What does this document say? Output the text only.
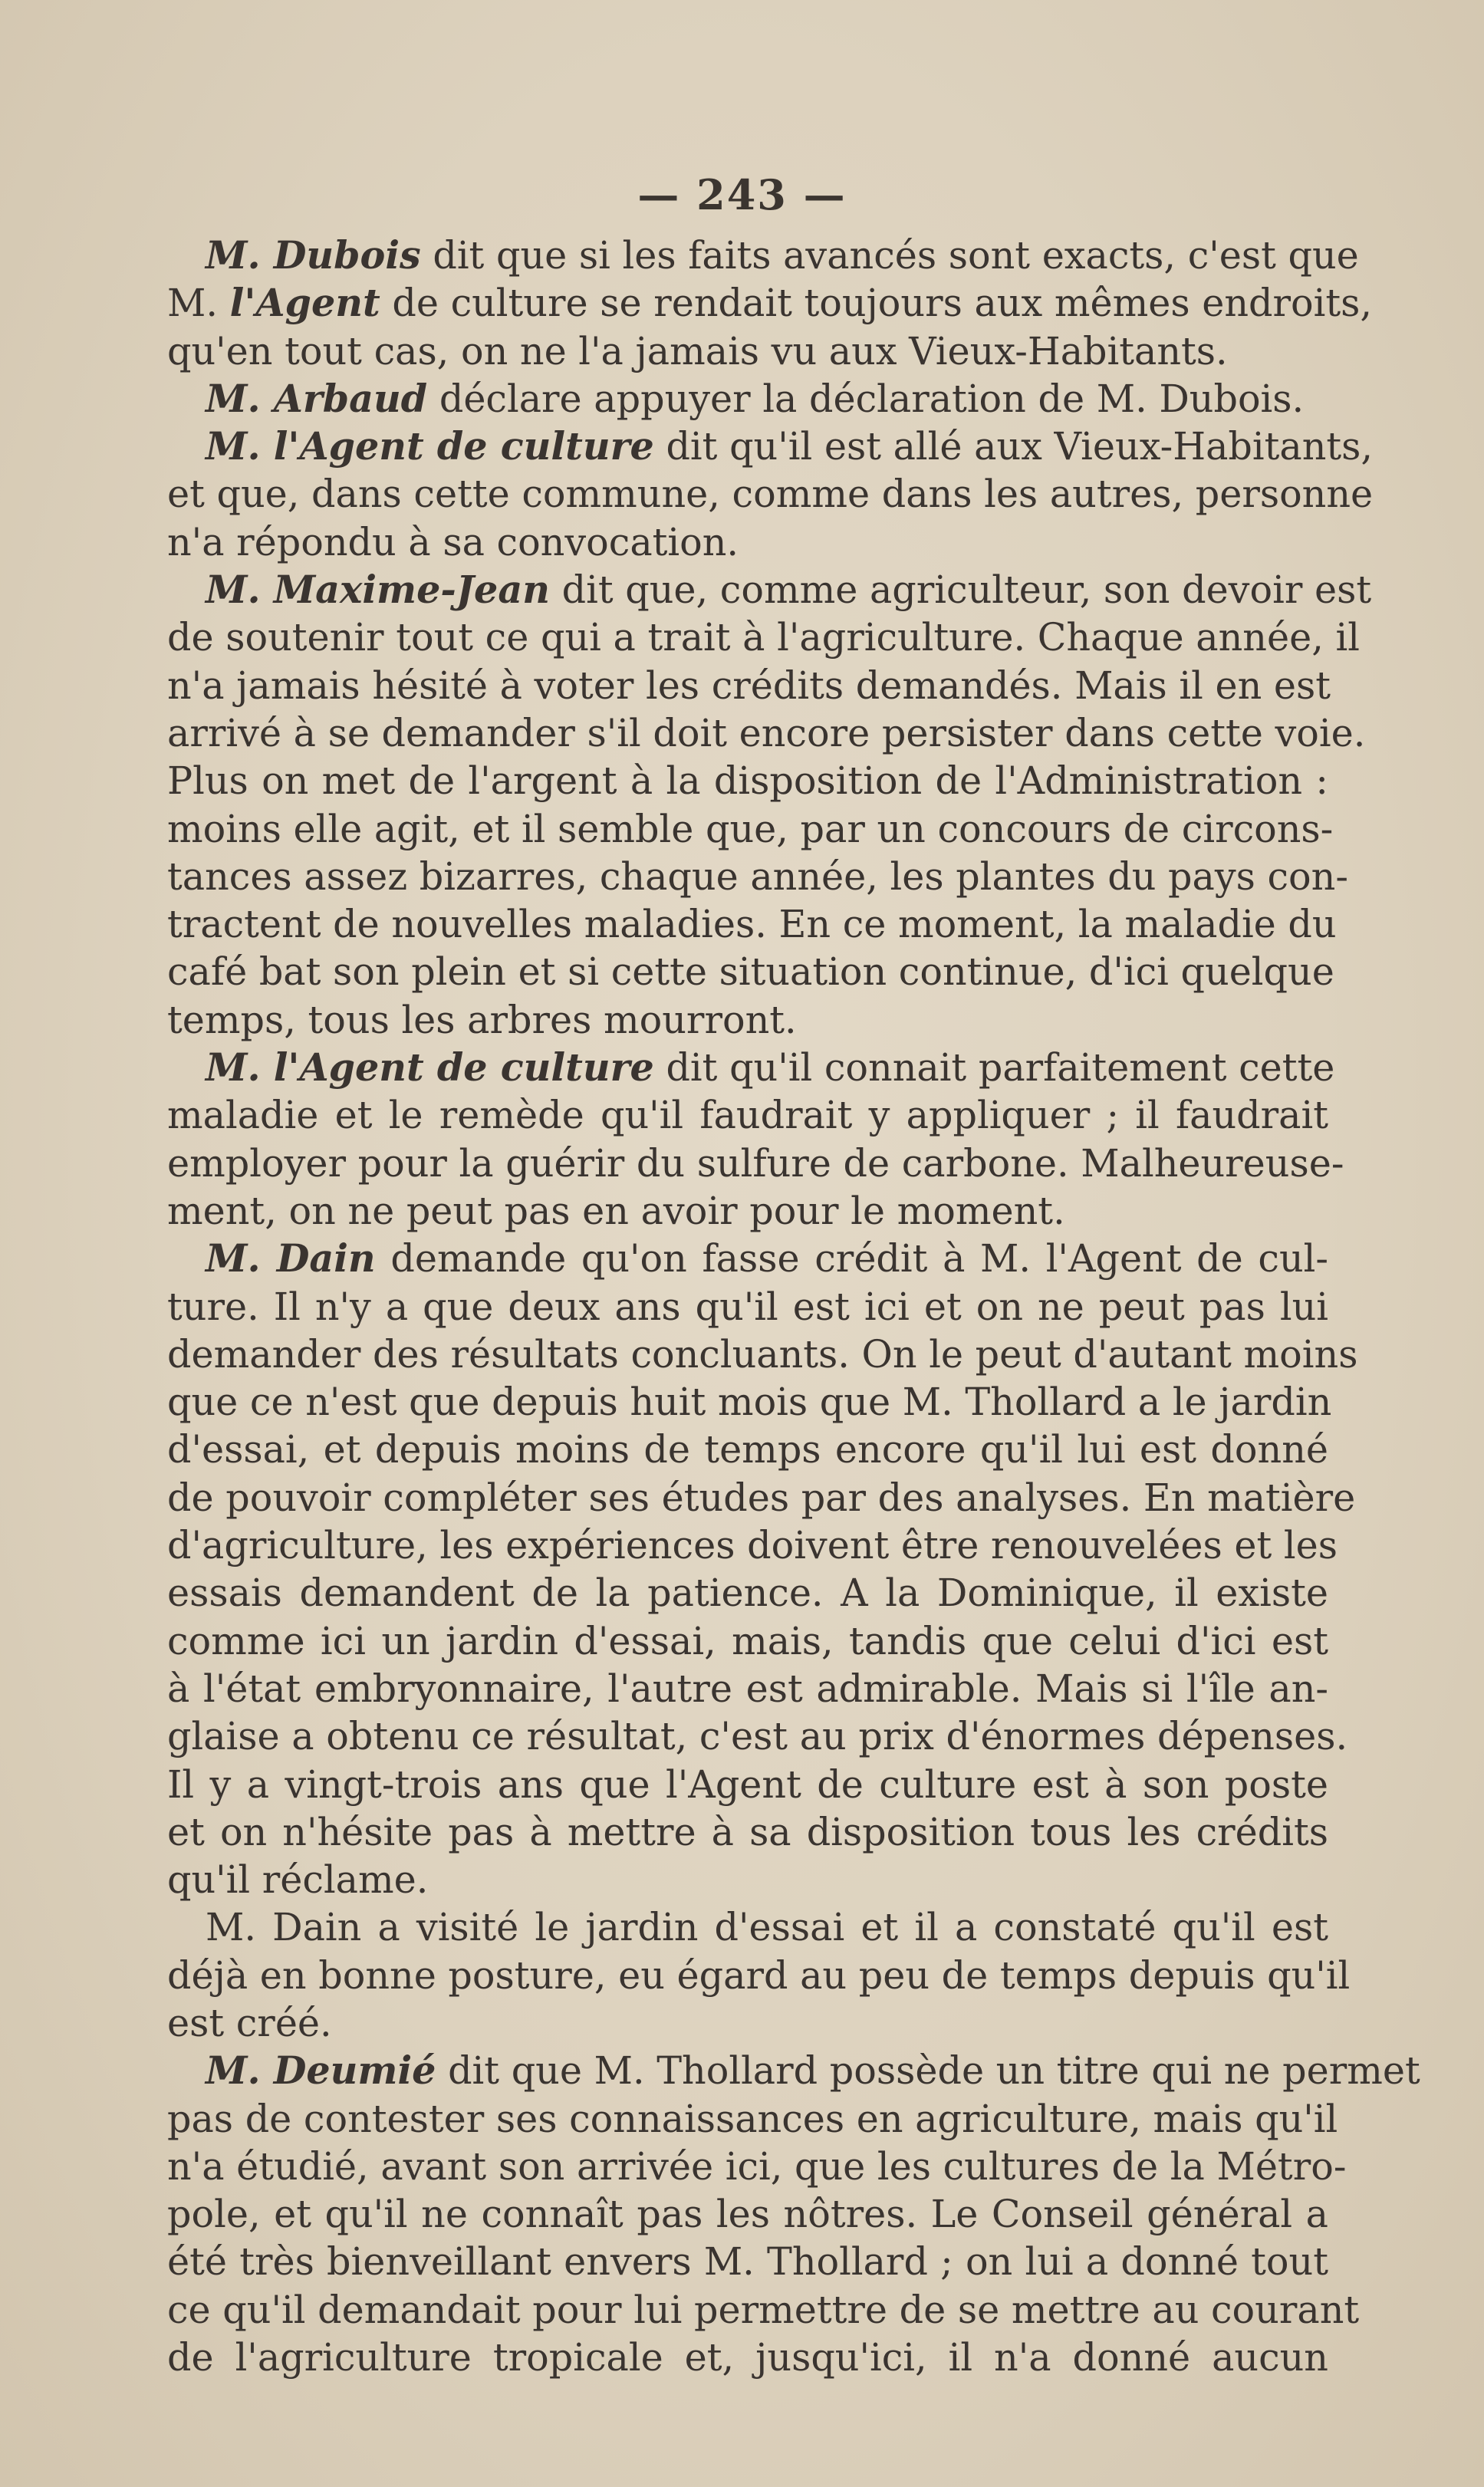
— 243 —
M. Dubois dit que si les faits avancés sont exacts, c'est que
M. l'Agent de culture se rendait toujours aux mêmes endroits,
qu'en tout cas, on ne l'a jamais vu aux Vieux-Habitants.
M. Arbaud déclare appuyer la déclaration de M. Dubois.
M. l'Agent de culture dit qu'il est allé aux Vieux-Habitants,
et que, dans cette commune, comme dans les autres, personne
n'a répondu à sa convocation.
M. Maxime-Jean dit que, comme agriculteur, son devoir est
de soutenir tout ce qui a trait à l'agriculture. Chaque année, il
n'a jamais hésité à voter les crédits demandés. Mais il en est
arrivé à se demander s'il doit encore persister dans cette voie.
Plus on met de l'argent à la disposition de l'Administration :
moins elle agit, et il semble que, par un concours de circons-
tances assez bizarres, chaque année, les plantes du pays con-
tractent de nouvelles maladies. En ce moment, la maladie du
café bat son plein et si cette situation continue, d'ici quelque
temps, tous les arbres mourront.
M. l'Agent de culture dit qu'il connait parfaitement cette
maladie et le remède qu'il faudrait y appliquer ; il faudrait
employer pour la guérir du sulfure de carbone. Malheureuse-
ment, on ne peut pas en avoir pour le moment.
M. Dain demande qu'on fasse crédit à M. l'Agent de cul-
ture. Il n'y a que deux ans qu'il est ici et on ne peut pas lui
demander des résultats concluants. On le peut d'autant moins
que ce n'est que depuis huit mois que M. Thollard a le jardin
d'essai, et depuis moins de temps encore qu'il lui est donné
de pouvoir compléter ses études par des analyses. En matière
d'agriculture, les expériences doivent être renouvelées et les
essais demandent de la patience. A la Dominique, il existe
comme ici un jardin d'essai, mais, tandis que celui d'ici est
à l'état embryonnaire, l'autre est admirable. Mais si l'île an-
glaise a obtenu ce résultat, c'est au prix d'énormes dépenses.
Il y a vingt-trois ans que l'Agent de culture est à son poste
et on n'hésite pas à mettre à sa disposition tous les crédits
qu'il réclame.
M. Dain a visité le jardin d'essai et il a constaté qu'il est
déjà en bonne posture, eu égard au peu de temps depuis qu'il
est créé.
M. Deumié dit que M. Thollard possède un titre qui ne permet
pas de contester ses connaissances en agriculture, mais qu'il
n'a étudié, avant son arrivée ici, que les cultures de la Métro-
pole, et qu'il ne connaît pas les nôtres. Le Conseil général a
été très bienveillant envers M. Thollard ; on lui a donné tout
ce qu'il demandait pour lui permettre de se mettre au courant
de l'agriculture tropicale et, jusqu'ici, il n'a donné aucun
